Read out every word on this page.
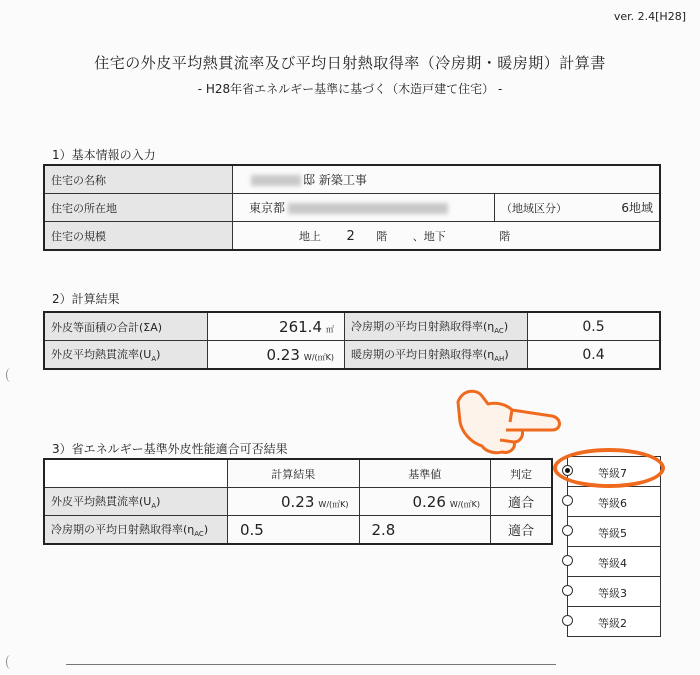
ver. 2.4[H28]
住宅の外皮平均熱貫流率及び平均日射熱取得率（冷房期・暖房期）計算書
- H28年省エネルギー基準に基づく（木造戸建て住宅） -
1）基本情報の入力
住宅の名称	邸 新築工事		
住宅の所在地	東京都	（地域区分）	6地域
住宅の規模	地上 2 階 、地下 階		
2）計算結果
外皮等面積の合計(ΣA)	261.4 ㎡	冷房期の平均日射熱取得率$(\eta_{AC})$	0.5
外皮平均熱貫流率$(U_A)$	0.23 W/(㎡K)	暖房期の平均日射熱取得率$(\eta_{AH})$	0.4
3）省エネルギー基準外皮性能適合可否結果
	計算結果	基準値	判定
外皮平均熱貫流率$(U_A)$	0.23 W/(㎡K)	0.26 W/(㎡K)	適合
冷房期の平均日射熱取得率$(\eta_{AC})$	0.5	2.8	適合
等級7
等級6
等級5
等級4
等級3
等級2
